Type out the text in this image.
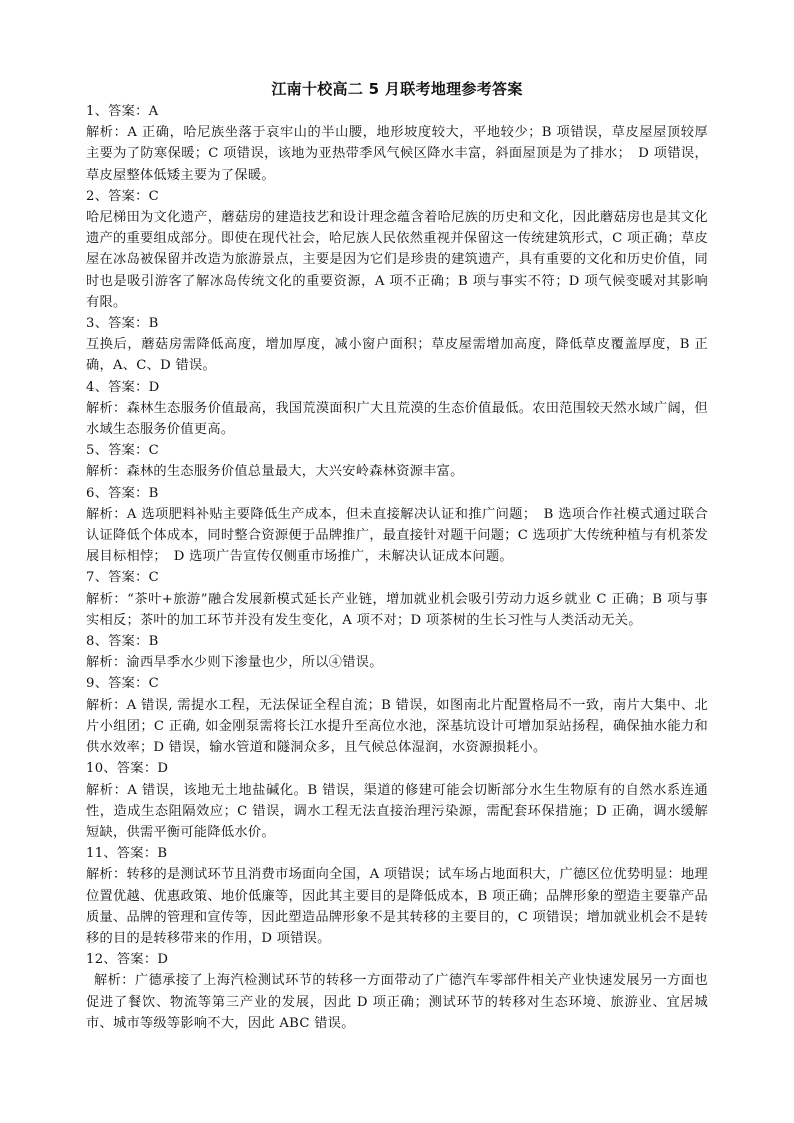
江南十校高二 5 月联考地理参考答案

1、答案：A

解析：A 正确，哈尼族坐落于哀牢山的半山腰，地形坡度较大，平地较少；B 项错误，草皮屋屋顶较厚主要为了防寒保暖；C 项错误，该地为亚热带季风气候区降水丰富，斜面屋顶是为了排水；　D 项错误，草皮屋整体低矮主要为了保暖。

2、答案：C

哈尼梯田为文化遗产，蘑菇房的建造技艺和设计理念蕴含着哈尼族的历史和文化，因此蘑菇房也是其文化遗产的重要组成部分。即使在现代社会，哈尼族人民依然重视并保留这一传统建筑形式，C 项正确；草皮屋在冰岛被保留并改造为旅游景点，主要是因为它们是珍贵的建筑遗产，具有重要的文化和历史价值，同时也是吸引游客了解冰岛传统文化的重要资源，A 项不正确；B 项与事实不符；D 项气候变暖对其影响有限。

3、答案：B

互换后，蘑菇房需降低高度，增加厚度，减小窗户面积；草皮屋需增加高度，降低草皮覆盖厚度，B 正确，A、C、D 错误。

4、答案：D

解析：森林生态服务价值最高，我国荒漠面积广大且荒漠的生态价值最低。农田范围较天然水域广阔，但水域生态服务价值更高。

5、答案：C

解析：森林的生态服务价值总量最大，大兴安岭森林资源丰富。

6、答案：B

解析：A 选项肥料补贴主要降低生产成本，但未直接解决认证和推广问题；　B 选项合作社模式通过联合认证降低个体成本，同时整合资源便于品牌推广，最直接针对题干问题；C 选项扩大传统种植与有机茶发展目标相悖；　D 选项广告宣传仅侧重市场推广，未解决认证成本问题。

7、答案：C

解析：“茶叶+旅游”融合发展新模式延长产业链，增加就业机会吸引劳动力返乡就业 C 正确；B 项与事实相反；茶叶的加工环节并没有发生变化，A 项不对；D 项茶树的生长习性与人类活动无关。

8、答案：B

解析：渝西旱季水少则下渗量也少，所以④错误。

9、答案：C

解析：A 错误, 需提水工程，无法保证全程自流；B 错误，如图南北片配置格局不一致，南片大集中、北片小组团；C 正确, 如金刚泵需将长江水提升至高位水池，深基坑设计可增加泵站扬程，确保抽水能力和供水效率；D 错误，输水管道和隧洞众多，且气候总体湿润，水资源损耗小。

10、答案：D

解析：A 错误，该地无土地盐碱化。B 错误，渠道的修建可能会切断部分水生生物原有的自然水系连通性，造成生态阻隔效应；C 错误，调水工程无法直接治理污染源，需配套环保措施；D 正确，调水缓解短缺，供需平衡可能降低水价。

11、答案：B

解析：转移的是测试环节且消费市场面向全国，A 项错误；试车场占地面积大，广德区位优势明显：地理位置优越、优惠政策、地价低廉等，因此其主要目的是降低成本，B 项正确；品牌形象的塑造主要靠产品质量、品牌的管理和宣传等，因此塑造品牌形象不是其转移的主要目的，C 项错误；增加就业机会不是转移的目的是转移带来的作用，D 项错误。

12、答案：D

解析：广德承接了上海汽检测试环节的转移一方面带动了广德汽车零部件相关产业快速发展另一方面也促进了餐饮、物流等第三产业的发展，因此 D 项正确；测试环节的转移对生态环境、旅游业、宜居城市、城市等级等影响不大，因此 ABC 错误。
